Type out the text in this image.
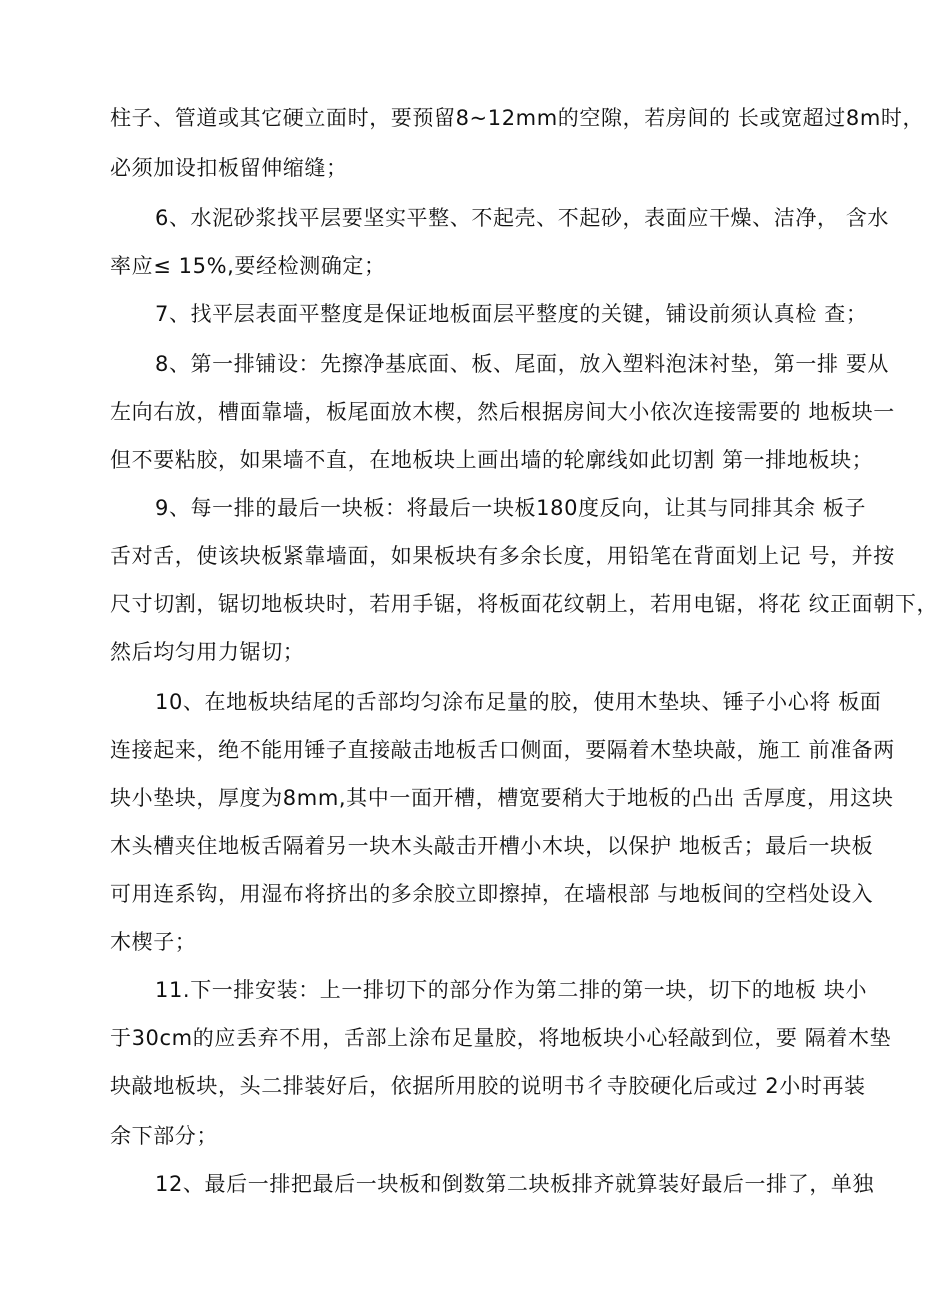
柱子、管道或其它硬立面时，要预留8~12mm的空隙，若房间的 长或宽超过8m时，
必须加设扣板留伸缩缝；
6、水泥砂浆找平层要坚实平整、不起壳、不起砂，表面应干燥、洁净， 含水
率应≤ 15%,要经检测确定；
7、找平层表面平整度是保证地板面层平整度的关键，铺设前须认真检 查；
8、第一排铺设：先擦净基底面、板、尾面，放入塑料泡沫衬垫，第一排 要从
左向右放，槽面靠墙，板尾面放木楔，然后根据房间大小依次连接需要的 地板块一
但不要粘胶，如果墙不直，在地板块上画出墙的轮廓线如此切割 第一排地板块；
9、每一排的最后一块板：将最后一块板180度反向，让其与同排其余 板子
舌对舌，使该块板紧靠墙面，如果板块有多余长度，用铅笔在背面划上记 号，并按
尺寸切割，锯切地板块时，若用手锯，将板面花纹朝上，若用电锯，将花 纹正面朝下，
然后均匀用力锯切；
10、在地板块结尾的舌部均匀涂布足量的胶，使用木垫块、锤子小心将 板面
连接起来，绝不能用锤子直接敲击地板舌口侧面，要隔着木垫块敲，施工 前准备两
块小垫块，厚度为8mm,其中一面开槽，槽宽要稍大于地板的凸出 舌厚度，用这块
木头槽夹住地板舌隔着另一块木头敲击开槽小木块，以保护 地板舌；最后一块板
可用连系钩，用湿布将挤出的多余胶立即擦掉，在墙根部 与地板间的空档处设入
木楔子；
11.下一排安装：上一排切下的部分作为第二排的第一块，切下的地板 块小
于30cm的应丢弃不用，舌部上涂布足量胶，将地板块小心轻敲到位，要 隔着木垫
块敲地板块，头二排装好后，依据所用胶的说明书彳寺胶硬化后或过 2小时再装
余下部分；
12、最后一排把最后一块板和倒数第二块板排齐就算装好最后一排了，单独
